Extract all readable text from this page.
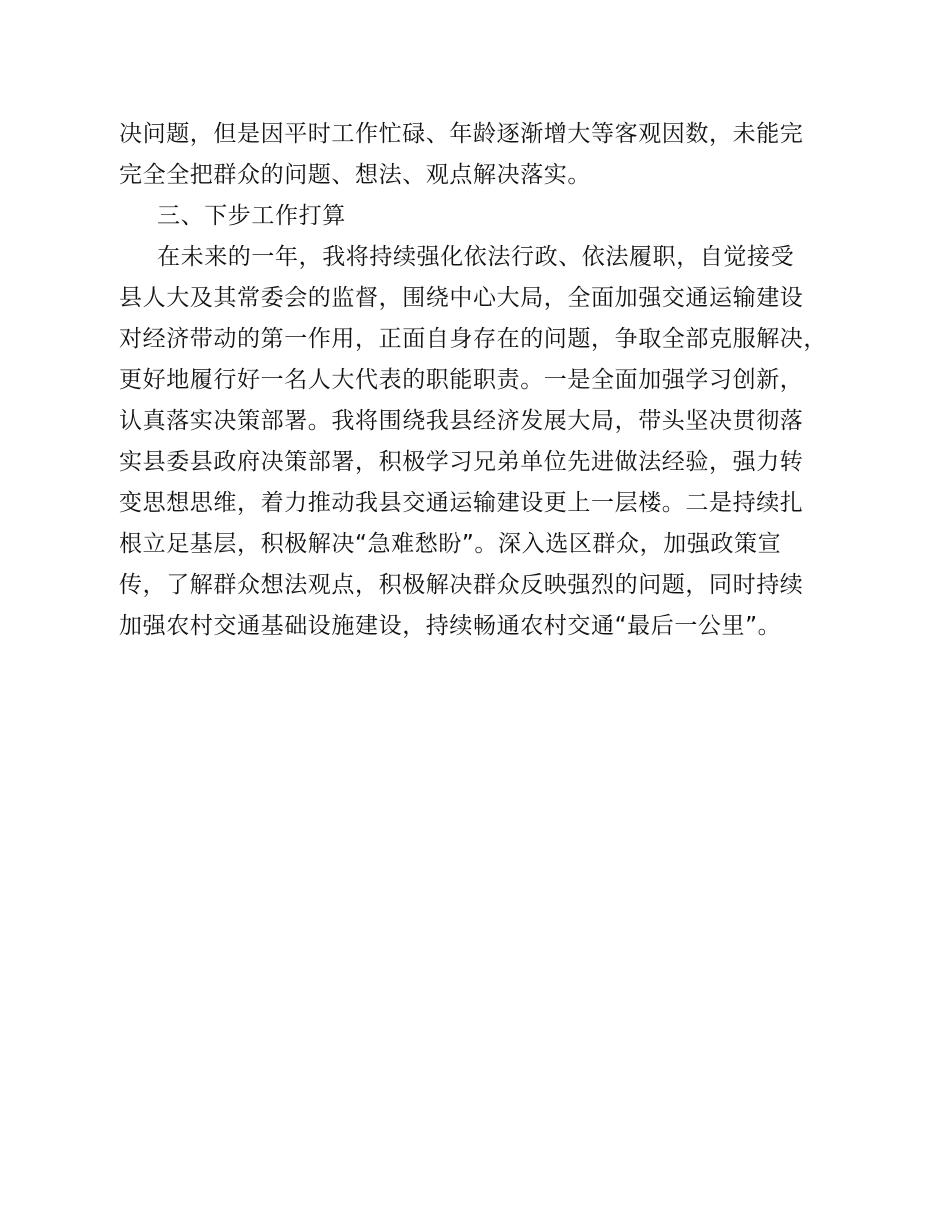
决问题，但是因平时工作忙碌、年龄逐渐增大等客观因数，未能完
完全全把群众的问题、想法、观点解决落实。
三、下步工作打算
在未来的一年，我将持续强化依法行政、依法履职，自觉接受
县人大及其常委会的监督，围绕中心大局，全面加强交通运输建设
对经济带动的第一作用，正面自身存在的问题，争取全部克服解决，
更好地履行好一名人大代表的职能职责。一是全面加强学习创新，
认真落实决策部署。我将围绕我县经济发展大局，带头坚决贯彻落
实县委县政府决策部署，积极学习兄弟单位先进做法经验，强力转
变思想思维，着力推动我县交通运输建设更上一层楼。二是持续扎
根立足基层，积极解决“急难愁盼”。深入选区群众，加强政策宣
传，了解群众想法观点，积极解决群众反映强烈的问题，同时持续
加强农村交通基础设施建设，持续畅通农村交通“最后一公里”。
